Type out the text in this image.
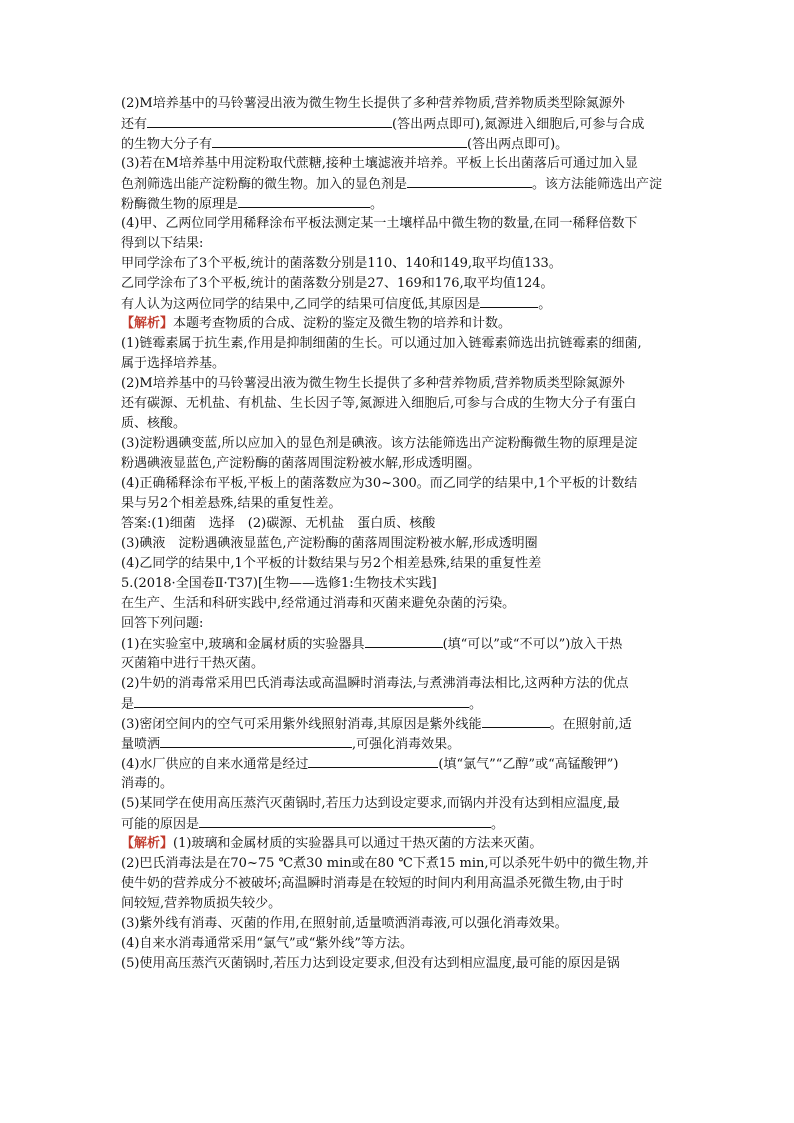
(2)M培养基中的马铃薯浸出液为微生物生长提供了多种营养物质,营养物质类型除氮源外
还有	(答出两点即可),氮源进入细胞后,可参与合成
的生物大分子有	(答出两点即可)。
(3)若在M培养基中用淀粉取代蔗糖,接种土壤滤液并培养。平板上长出菌落后可通过加入显
色剂筛选出能产淀粉酶的微生物。加入的显色剂是	。该方法能筛选出产淀
粉酶微生物的原理是	。
(4)甲、乙两位同学用稀释涂布平板法测定某一土壤样品中微生物的数量,在同一稀释倍数下
得到以下结果:
甲同学涂布了3个平板,统计的菌落数分别是110、140和149,取平均值133。
乙同学涂布了3个平板,统计的菌落数分别是27、169和176,取平均值124。
有人认为这两位同学的结果中,乙同学的结果可信度低,其原因是	。
【解析】本题考查物质的合成、淀粉的鉴定及微生物的培养和计数。
(1)链霉素属于抗生素,作用是抑制细菌的生长。可以通过加入链霉素筛选出抗链霉素的细菌,
属于选择培养基。
(2)M培养基中的马铃薯浸出液为微生物生长提供了多种营养物质,营养物质类型除氮源外
还有碳源、无机盐、有机盐、生长因子等,氮源进入细胞后,可参与合成的生物大分子有蛋白
质、核酸。
(3)淀粉遇碘变蓝,所以应加入的显色剂是碘液。该方法能筛选出产淀粉酶微生物的原理是淀
粉遇碘液显蓝色,产淀粉酶的菌落周围淀粉被水解,形成透明圈。
(4)正确稀释涂布平板,平板上的菌落数应为30~300。而乙同学的结果中,1个平板的计数结
果与另2个相差悬殊,结果的重复性差。
答案:(1)细菌　选择　(2)碳源、无机盐　蛋白质、核酸
(3)碘液　淀粉遇碘液显蓝色,产淀粉酶的菌落周围淀粉被水解,形成透明圈
(4)乙同学的结果中,1个平板的计数结果与另2个相差悬殊,结果的重复性差
5.(2018·全国卷Ⅱ·T37)[生物——选修1:生物技术实践]
在生产、生活和科研实践中,经常通过消毒和灭菌来避免杂菌的污染。
回答下列问题:
(1)在实验室中,玻璃和金属材质的实验器具	(填“可以”或“不可以”)放入干热
灭菌箱中进行干热灭菌。
(2)牛奶的消毒常采用巴氏消毒法或高温瞬时消毒法,与煮沸消毒法相比,这两种方法的优点
是	。
(3)密闭空间内的空气可采用紫外线照射消毒,其原因是紫外线能	。在照射前,适
量喷洒	,可强化消毒效果。
(4)水厂供应的自来水通常是经过	(填“氯气”“乙醇”或“高锰酸钾”)
消毒的。
(5)某同学在使用高压蒸汽灭菌锅时,若压力达到设定要求,而锅内并没有达到相应温度,最
可能的原因是	。
【解析】(1)玻璃和金属材质的实验器具可以通过干热灭菌的方法来灭菌。
(2)巴氏消毒法是在70~75 ℃煮30 min或在80 ℃下煮15 min,可以杀死牛奶中的微生物,并
使牛奶的营养成分不被破坏;高温瞬时消毒是在较短的时间内利用高温杀死微生物,由于时
间较短,营养物质损失较少。
(3)紫外线有消毒、灭菌的作用,在照射前,适量喷洒消毒液,可以强化消毒效果。
(4)自来水消毒通常采用“氯气”或“紫外线”等方法。
(5)使用高压蒸汽灭菌锅时,若压力达到设定要求,但没有达到相应温度,最可能的原因是锅
